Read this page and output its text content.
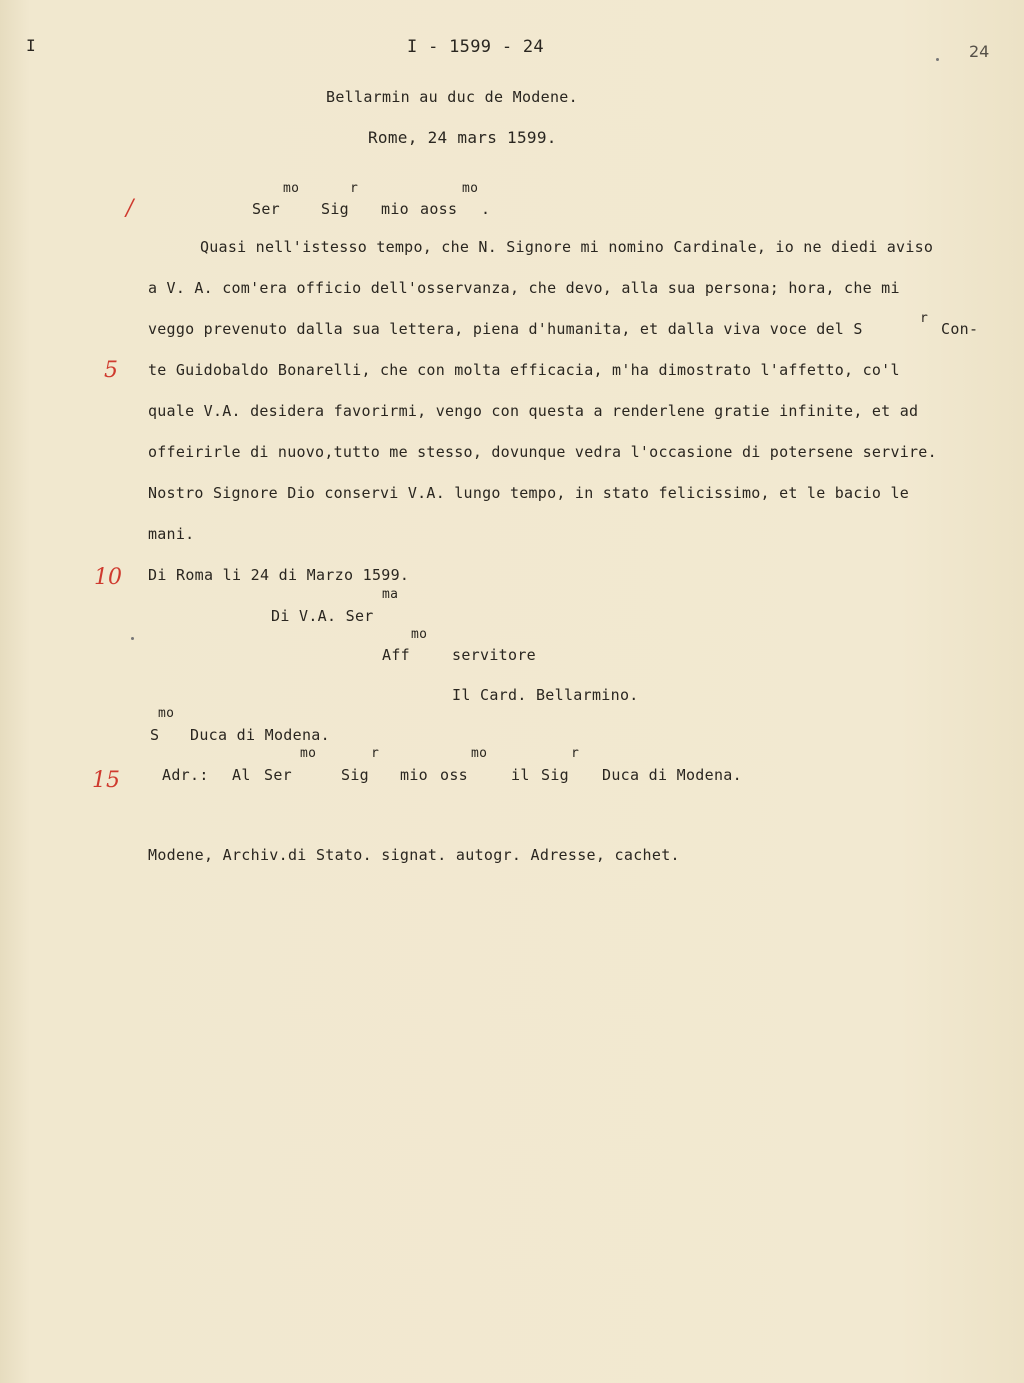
I	I - 1599 - 24	24
Bellarmin au duc de Modene.
Rome, 24 mars 1599.
mo	r	mo
Ser	Sig mio aoss .
/
Quasi nell'istesso tempo, che N. Signore mi nomino Cardinale, io ne diedi aviso
a V. A. com'era officio dell'osservanza, che devo, alla sua persona; hora, che mi
veggo prevenuto dalla sua lettera, piena d'humanita, et dalla viva voce del S
r
Con-
5 te Guidobaldo Bonarelli, che con molta efficacia, m'ha dimostrato l'affetto, co'l
quale V.A. desidera favorirmi, vengo con questa a renderlene gratie infinite, et ad
offeirirle di nuovo,tutto me stesso, dovunque vedra l'occasione di potersene servire.
Nostro Signore Dio conservi V.A. lungo tempo, in stato felicissimo, et le bacio le
mani.
10 Di Roma li 24 di Marzo 1599.
ma
Di V.A. Ser
mo
Aff	servitore
Il Card. Bellarmino.
mo
S Duca di Modena.
mo	r	mo	r
15	Adr.: Al Ser	Sig mio oss	il Sig Duca di Modena.
Modene, Archiv.di Stato. signat. autogr. Adresse, cachet.
